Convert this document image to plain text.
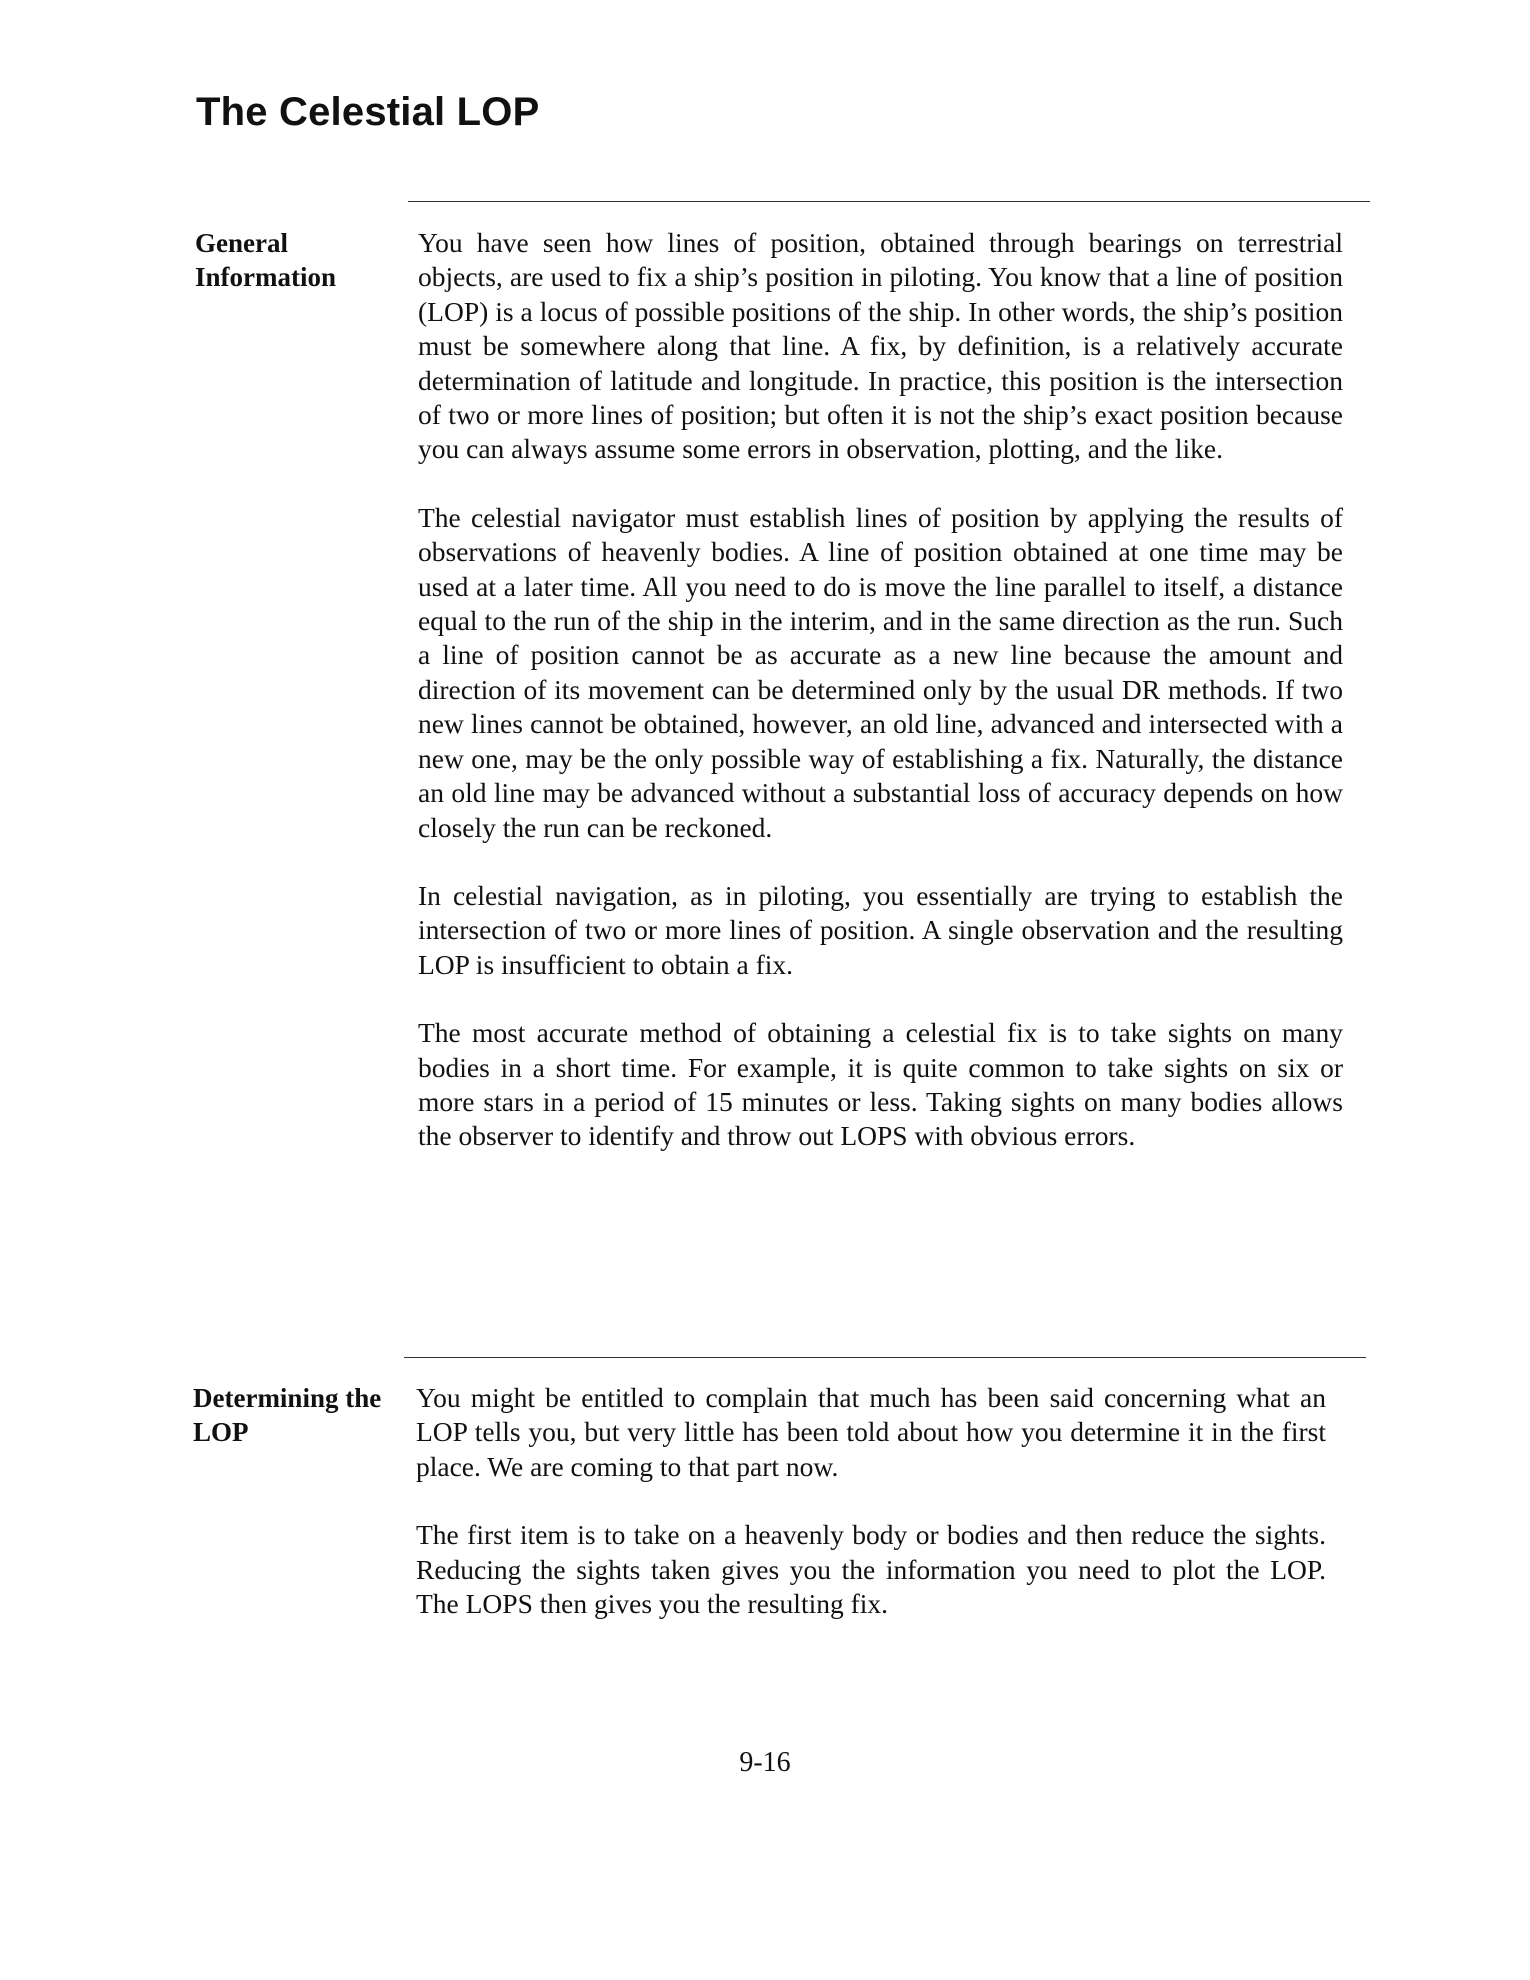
The Celestial LOP
General
Information

You have seen how lines of position, obtained through bearings on terrestrial objects, are used to fix a ship’s position in piloting. You know that a line of position (LOP) is a locus of possible positions of the ship. In other words, the ship’s position must be somewhere along that line. A fix, by definition, is a relatively accurate determination of latitude and longitude. In practice, this position is the intersection of two or more lines of position; but often it is not the ship’s exact position because you can always assume some errors in observation, plotting, and the like.

The celestial navigator must establish lines of position by applying the results of observations of heavenly bodies. A line of position obtained at one time may be used at a later time. All you need to do is move the line parallel to itself, a distance equal to the run of the ship in the interim, and in the same direction as the run. Such a line of position cannot be as accurate as a new line because the amount and direction of its movement can be determined only by the usual DR methods. If two new lines cannot be obtained, however, an old line, advanced and intersected with a new one, may be the only possible way of establishing a fix. Naturally, the distance an old line may be advanced without a substantial loss of accuracy depends on how closely the run can be reckoned.

In celestial navigation, as in piloting, you essentially are trying to establish the intersection of two or more lines of position. A single observation and the resulting LOP is insufficient to obtain a fix.

The most accurate method of obtaining a celestial fix is to take sights on many bodies in a short time. For example, it is quite common to take sights on six or more stars in a period of 15 minutes or less. Taking sights on many bodies allows the observer to identify and throw out LOPS with obvious errors.

Determining the
LOP

You might be entitled to complain that much has been said concerning what an LOP tells you, but very little has been told about how you determine it in the first place. We are coming to that part now.

The first item is to take on a heavenly body or bodies and then reduce the sights. Reducing the sights taken gives you the information you need to plot the LOP. The LOPS then gives you the resulting fix.

9-16
